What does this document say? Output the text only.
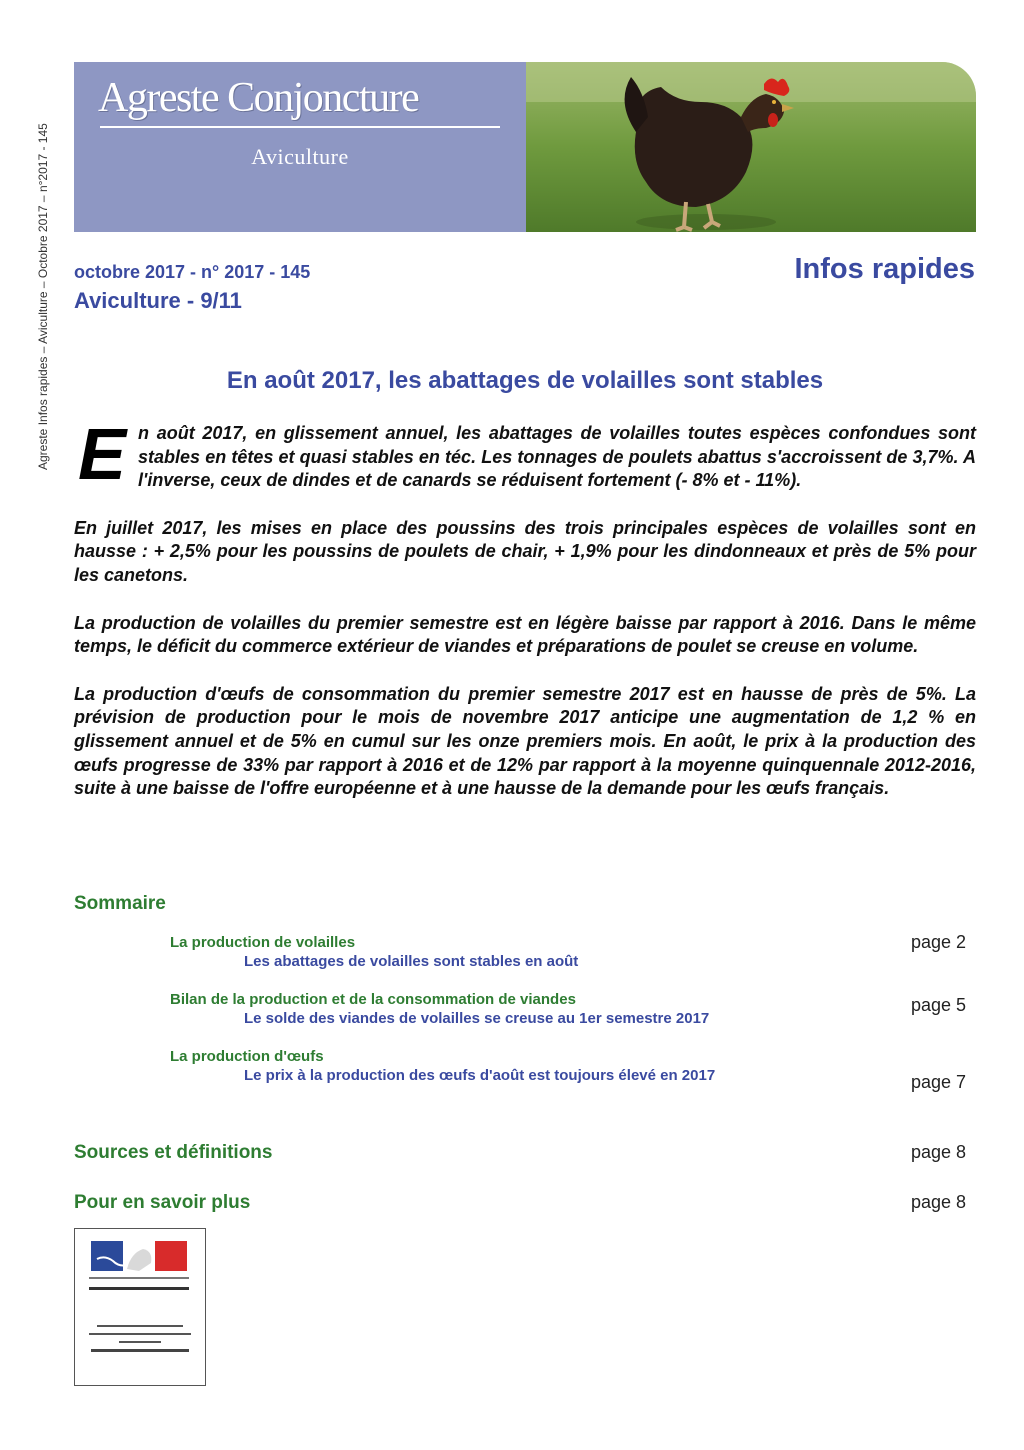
Agreste Infos rapides – Aviculture – Octobre 2017 – n°2017 - 145
Agreste Conjoncture
Aviculture
octobre 2017 - n° 2017 - 145
Aviculture - 9/11
Infos rapides
En août 2017, les abattages de volailles sont stables

En août 2017, en glissement annuel, les abattages de volailles toutes espèces confondues sont stables en têtes et quasi stables en téc. Les tonnages de poulets abattus s'accroissent de 3,7%. A l'inverse, ceux de dindes et de canards se réduisent fortement (- 8% et - 11%).

En juillet 2017, les mises en place des poussins des trois principales espèces de volailles sont en hausse : + 2,5% pour les poussins de poulets de chair, + 1,9% pour les dindonneaux et près de 5% pour les canetons.

La production de volailles du premier semestre est en légère baisse par rapport à 2016. Dans le même temps, le déficit du commerce extérieur de viandes et préparations de poulet se creuse en volume.

La production d'œufs de consommation du premier semestre 2017 est en hausse de près de 5%. La prévision de production pour le mois de novembre 2017 anticipe une augmentation de 1,2 % en glissement annuel et de 5% en cumul sur les onze premiers mois. En août, le prix à la production des œufs progresse de 33% par rapport à 2016 et de 12% par rapport à la moyenne quinquennale 2012-2016, suite à une baisse de l'offre européenne et à une hausse de la demande pour les œufs français.

Sommaire
La production de volailles
Les abattages de volailles sont stables en août
page 2
Bilan de la production et de la consommation de viandes
Le solde des viandes de volailles se creuse au 1er semestre 2017
page 5
La production d'œufs
Le prix à la production des œufs d'août est toujours élevé en 2017	page 7
Sources et définitions	page 8
Pour en savoir plus	page 8
